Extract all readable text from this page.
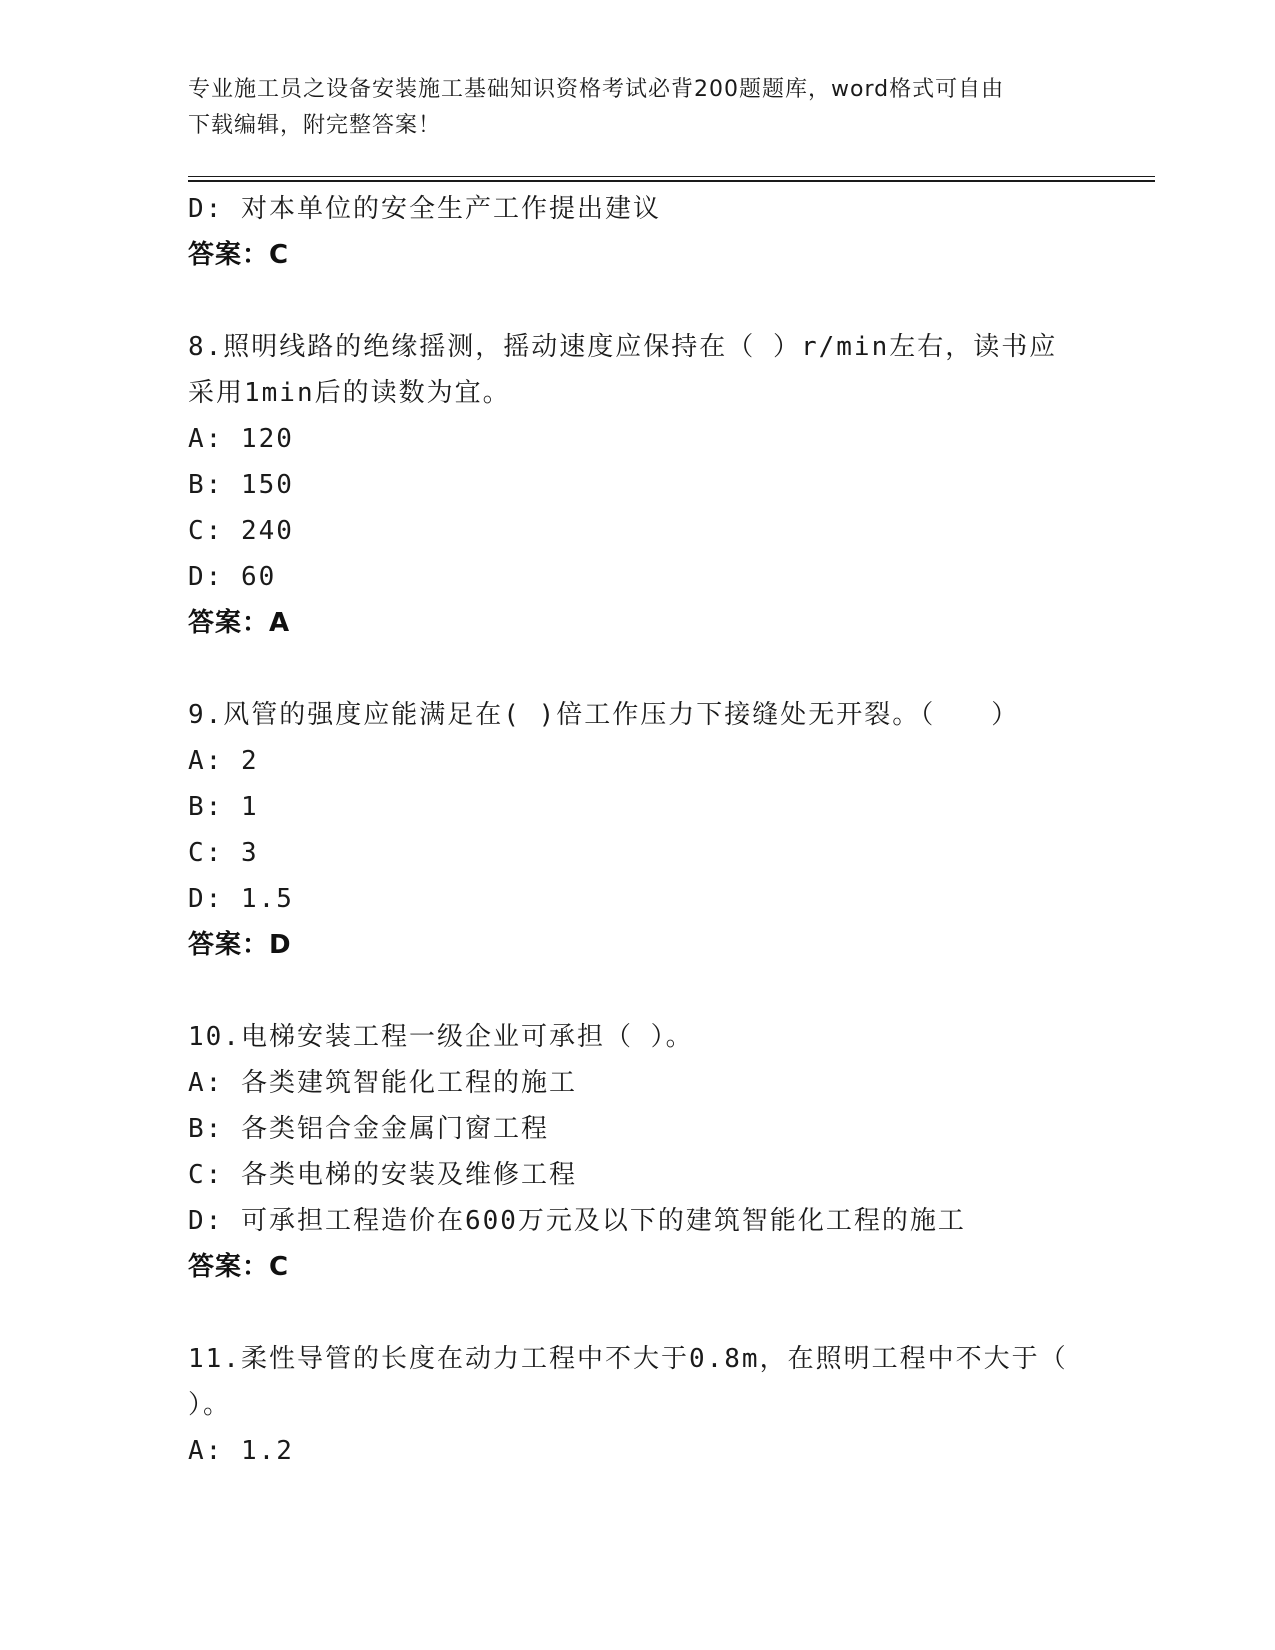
专业施工员之设备安装施工基础知识资格考试必背200题题库，word格式可自由
下载编辑，附完整答案！
D: 对本单位的安全生产工作提出建议
答案：C
8.照明线路的绝缘摇测，摇动速度应保持在（ ）r/min左右，读书应
采用1min后的读数为宜。
A: 120
B: 150
C: 240
D: 60
答案：A
9.风管的强度应能满足在( )倍工作压力下接缝处无开裂。（　　）
A: 2
B: 1
C: 3
D: 1.5
答案：D
10.电梯安装工程一级企业可承担（ ）。
A: 各类建筑智能化工程的施工
B: 各类铝合金金属门窗工程
C: 各类电梯的安装及维修工程
D: 可承担工程造价在600万元及以下的建筑智能化工程的施工
答案：C
11.柔性导管的长度在动力工程中不大于0.8m，在照明工程中不大于（
）。
A: 1.2
